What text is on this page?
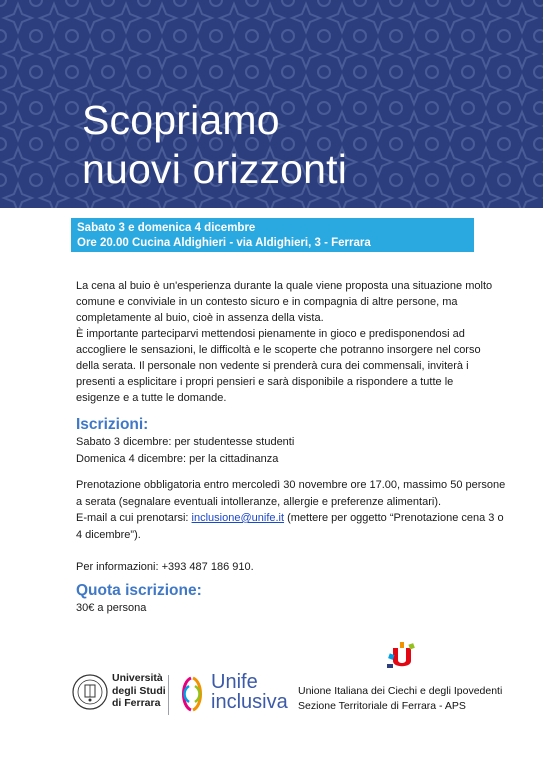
Scopriamo
nuovi orizzonti
Sabato 3 e domenica 4 dicembre
Ore 20.00 Cucina Aldighieri - via Aldighieri, 3 - Ferrara

La cena al buio è un'esperienza durante la quale viene proposta una situazione molto comune e conviviale in un contesto sicuro e in compagnia di altre persone, ma completamente al buio, cioè in assenza della vista.

È importante parteciparvi mettendosi pienamente in gioco e predisponendosi ad accogliere le sensazioni, le difficoltà e le scoperte che potranno insorgere nel corso della serata. Il personale non vedente si prenderà cura dei commensali, inviterà i presenti a esplicitare i propri pensieri e sarà disponibile a rispondere a tutte le esigenze e a tutte le domande.

Iscrizioni:

Sabato 3 dicembre: per studentesse studenti

Domenica 4 dicembre: per la cittadinanza

Prenotazione obbligatoria entro mercoledì 30 novembre ore 17.00, massimo 50 persone a serata (segnalare eventuali intolleranze, allergie e preferenze alimentari).

E-mail a cui prenotarsi: inclusione@unife.it (mettere per oggetto “Prenotazione cena 3 o 4 dicembre”).

Per informazioni: +393 487 186 910.

Quota iscrizione:
30€ a persona
Università
degli Studi
di Ferrara
Unife
inclusiva Unione Italiana dei Ciechi e degli Ipovedenti
Sezione Territoriale di Ferrara - APS
